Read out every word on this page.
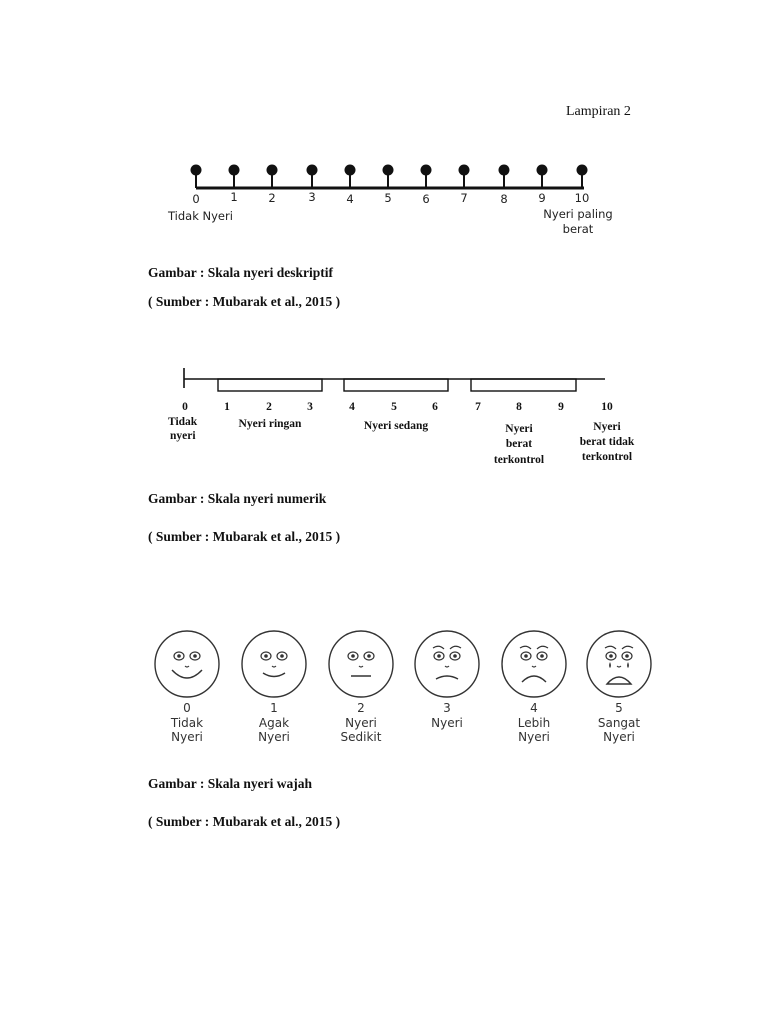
Lampiran 2
0	1	2	3	4	5	6	7	8	9	10
Tidak Nyeri	Nyeri paling
berat
Gambar : Skala nyeri deskriptif
( Sumber : Mubarak et al., 2015 )
0	1	2	3	4	5	6	7	8	9	10
Tidak
nyeri
Nyeri ringan	Nyeri sedang	Nyeri
berat
terkontrol
Nyeri
berat tidak
terkontrol
Gambar : Skala nyeri numerik
( Sumber : Mubarak et al., 2015 )
0
Tidak
Nyeri
1
Agak
Nyeri
2
Nyeri
Sedikit
3
Nyeri
4
Lebih
Nyeri
5
Sangat
Nyeri
Gambar : Skala nyeri wajah
( Sumber : Mubarak et al., 2015 )
